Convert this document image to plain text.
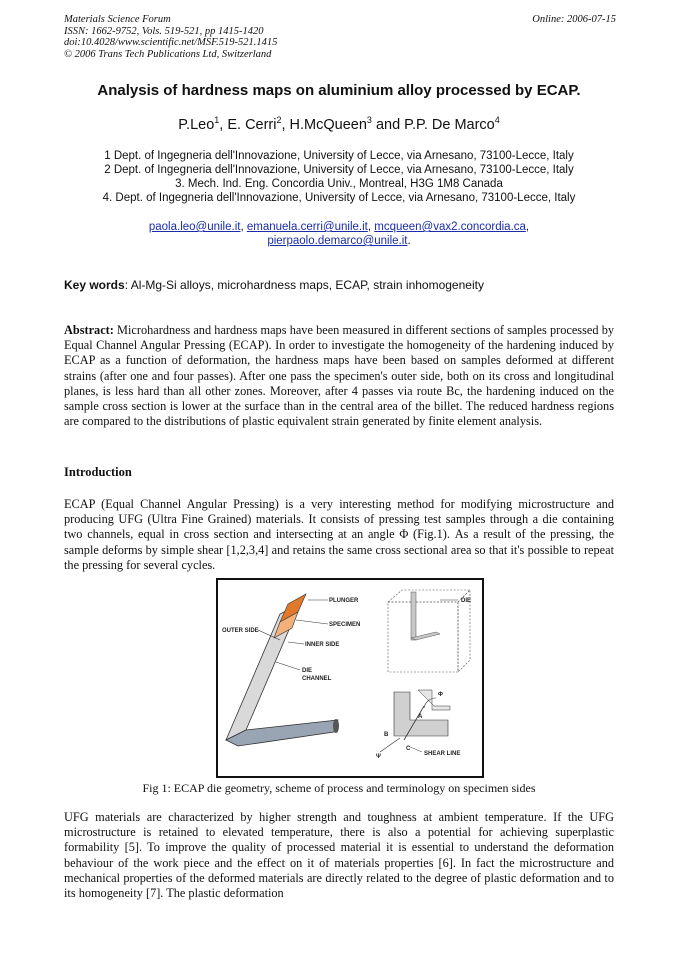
Materials Science Forum
ISSN: 1662-9752, Vols. 519-521, pp 1415-1420
doi:10.4028/www.scientific.net/MSF.519-521.1415
© 2006 Trans Tech Publications Ltd, Switzerland
Online: 2006-07-15
Analysis of hardness maps on aluminium alloy processed by ECAP.
P.Leo$^1$, E. Cerri$^2$, H.McQueen$^3$ and P.P. De Marco$^4$
1 Dept. of Ingegneria dell'Innovazione, University of Lecce, via Arnesano, 73100-Lecce, Italy
2 Dept. of Ingegneria dell'Innovazione, University of Lecce, via Arnesano, 73100-Lecce, Italy
3. Mech. Ind. Eng. Concordia Univ., Montreal, H3G 1M8 Canada
4. Dept. of Ingegneria dell'Innovazione, University of Lecce, via Arnesano, 73100-Lecce, Italy
paola.leo@unile.it, emanuela.cerri@unile.it, mcqueen@vax2.concordia.ca,
pierpaolo.demarco@unile.it.
Key words: Al-Mg-Si alloys, microhardness maps, ECAP, strain inhomogeneity
Abstract: Microhardness and hardness maps have been measured in different sections of samples processed by Equal Channel Angular Pressing (ECAP). In order to investigate the homogeneity of the hardening induced by ECAP as a function of deformation, the hardness maps have been based on samples deformed at different strains (after one and four passes). After one pass the specimen's outer side, both on its cross and longitudinal planes, is less hard than all other zones. Moreover, after 4 passes via route Bc, the hardening induced on the sample cross section is lower at the surface than in the central area of the billet. The reduced hardness regions are compared to the distributions of plastic equivalent strain generated by finite element analysis.
Introduction
ECAP (Equal Channel Angular Pressing) is a very interesting method for modifying microstructure and producing UFG (Ultra Fine Grained) materials. It consists of pressing test samples through a die containing two channels, equal in cross section and intersecting at an angle Φ (Fig.1). As a result of the pressing, the sample deforms by simple shear [1,2,3,4] and retains the same cross sectional area so that it's possible to repeat the pressing for several cycles.
PLUNGER
SPECIMEN
OUTER SIDE
INNER SIDE
DIE
CHANNEL
DIE
Φ
A
B
C
Ψ	SHEAR LINE
Fig 1: ECAP die geometry, scheme of process and terminology on specimen sides
UFG materials are characterized by higher strength and toughness at ambient temperature. If the UFG microstructure is retained to elevated temperature, there is also a potential for achieving superplastic formability [5]. To improve the quality of processed material it is essential to understand the deformation behaviour of the work piece and the effect on it of materials properties [6]. In fact the microstructure and mechanical properties of the deformed materials are directly related to the degree of plastic deformation and to its homogeneity [7]. The plastic deformation
